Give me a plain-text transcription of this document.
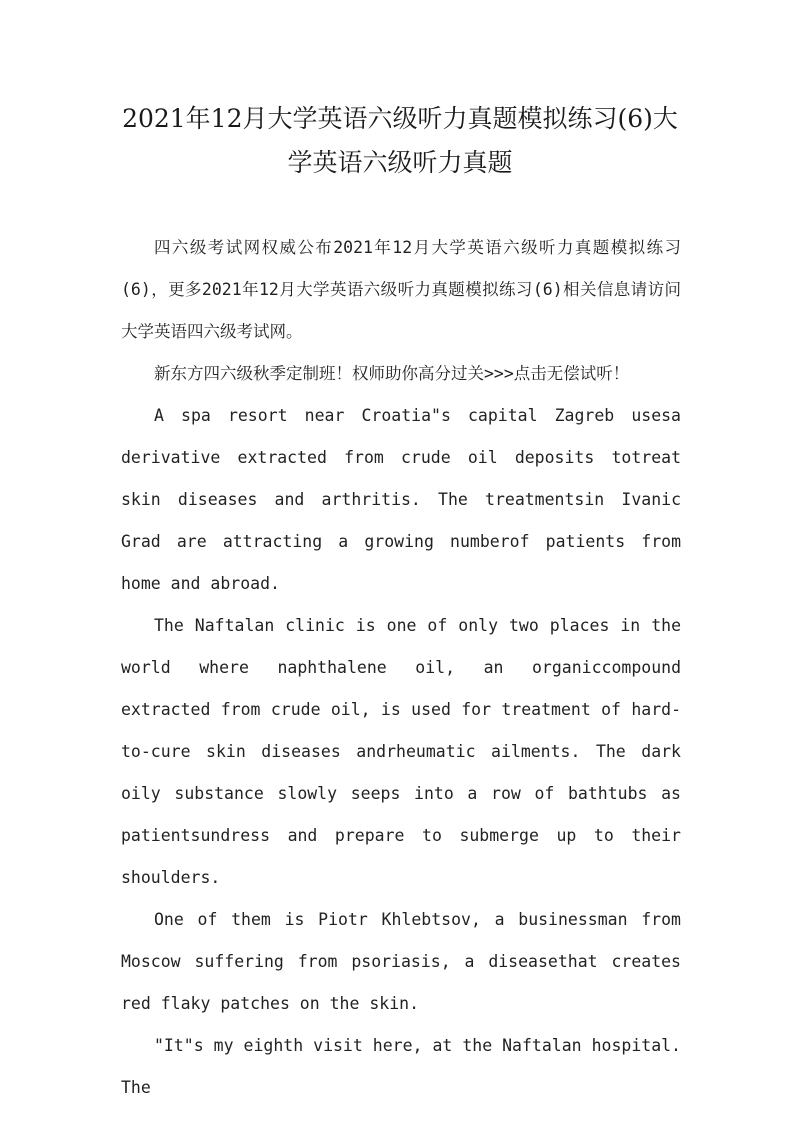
2021年12月大学英语六级听力真题模拟练习(6)大学英语六级听力真题

四六级考试网权威公布2021年12月大学英语六级听力真题模拟练习(6)，更多2021年12月大学英语六级听力真题模拟练习(6)相关信息请访问大学英语四六级考试网。

新东方四六级秋季定制班！权师助你高分过关>>>点击无偿试听！

A spa resort near Croatia"s capital Zagreb usesa derivative extracted from crude oil deposits totreat skin diseases and arthritis. The treatmentsin Ivanic Grad are attracting a growing numberof patients from home and abroad.

The Naftalan clinic is one of only two places in the world where naphthalene oil, an organiccompound extracted from crude oil, is used for treatment of hard-to-cure skin diseases andrheumatic ailments. The dark oily substance slowly seeps into a row of bathtubs as patientsundress and prepare to submerge up to their shoulders.

One of them is Piotr Khlebtsov, a businessman from Moscow suffering from psoriasis, a diseasethat creates red flaky patches on the skin.

"It"s my eighth visit here, at the Naftalan hospital. The
